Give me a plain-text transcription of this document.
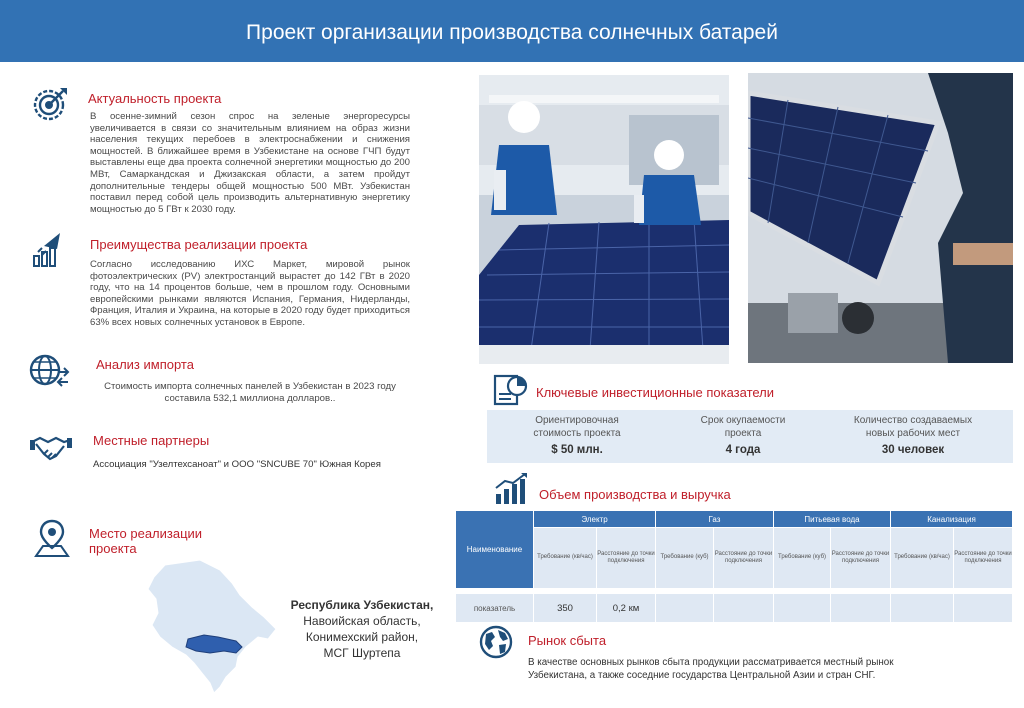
Проект организации производства солнечных батарей
Актуальность проекта
В осенне-зимний сезон спрос на зеленые энергоресурсы увеличивается в связи со значительным влиянием на образ жизни населения текущих перебоев в электроснабжении и снижения мощностей. В ближайшее время в Узбекистане на основе ГЧП будут выставлены еще два проекта солнечной энергетики мощностью до 200 МВт, Самаркандская и Джизакская области, а затем пройдут дополнительные тендеры общей мощностью 500 МВт. Узбекистан поставил перед собой цель производить альтернативную энергетику мощностью до 5 ГВт к 2030 году.
Преимущества реализации проекта
Согласно исследованию ИХС Маркет, мировой рынок фотоэлектрических (PV) электростанций вырастет до 142 ГВт в 2020 году, что на 14 процентов больше, чем в прошлом году. Основными европейскими рынками являются Испания, Германия, Нидерланды, Франция, Италия и Украина, на которые в 2020 году будет приходиться 63% всех новых солнечных установок в Европе.
Анализ импорта
Стоимость импорта солнечных панелей в Узбекистан в 2023 году составила 532,1 миллиона долларов..
Местные партнеры
Ассоциация "Узелтехсаноат" и ООО "SNCUBE 70" Южная Корея
Место реализации
проекта
Республика Узбекистан,
Навоийская область,
Конимехский район,
МСГ Шуртепа
Ключевые инвестиционные показатели
Ориентировочная
стоимость проекта
$ 50 млн.
Срок окупаемости
проекта
4 года
Количество создаваемых
новых рабочих мест
30 человек
Объем производства и выручка
Наименование	Электр		Газ		Питьевая вода		Канализация	
	Требование (кв/час)	Расстояние до точки подключения	Требование (куб)	Расстояние до точки подключения	Требование (куб)	Расстояние до точки подключения	Требование (кв/час)	Расстояние до точки подключения

показатель	350	0,2 км						
Рынок сбыта
В качестве основных рынков сбыта продукции рассматривается местный рынок
Узбекистана, а также соседние государства Центральной Азии и стран СНГ.
